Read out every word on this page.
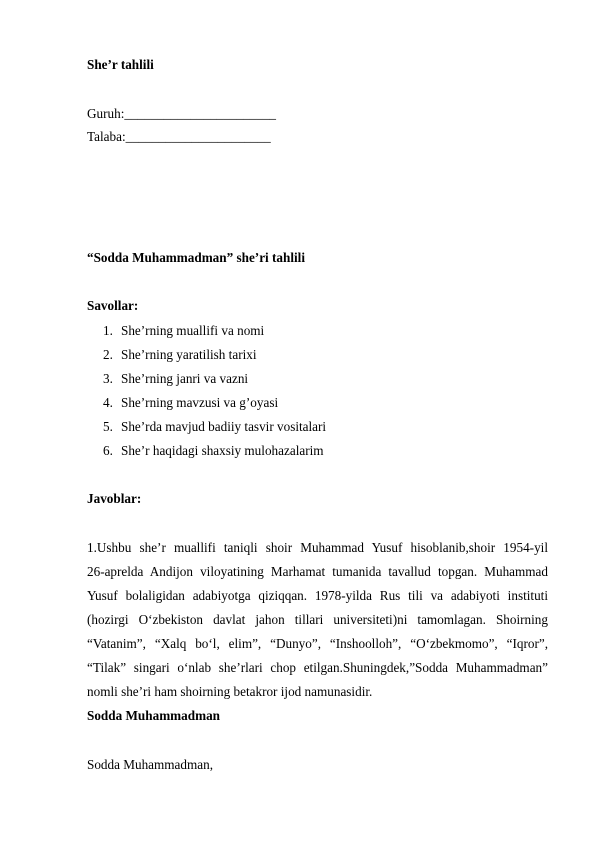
She’r tahlili
Guruh:_______________________
Talaba:______________________
“Sodda Muhammadman” she’ri tahlili
Savollar:
1. She’rning muallifi va nomi
2. She’rning yaratilish tarixi
3. She’rning janri va vazni
4. She’rning mavzusi va g’oyasi
5. She’rda mavjud badiiy tasvir vositalari
6. She’r haqidagi shaxsiy mulohazalarim
Javoblar:
1.Ushbu she’r muallifi taniqli shoir Muhammad Yusuf hisoblanib,shoir 1954-yil
26-aprelda Andijon viloyatining Marhamat tumanida tavallud topgan. Muhammad
Yusuf bolaligidan adabiyotga qiziqqan. 1978-yilda Rus tili va adabiyoti instituti
(hozirgi O‘zbekiston davlat jahon tillari universiteti)ni tamomlagan. Shoirning
“Vatanim”, “Xalq bo‘l, elim”, “Dunyo”, “Inshoolloh”, “O‘zbekmomo”, “Iqror”,
“Tilak” singari o‘nlab she’rlari chop etilgan.Shuningdek,”Sodda Muhammadman”
nomli she’ri ham shoirning betakror ijod namunasidir.
Sodda Muhammadman
Sodda Muhammadman,
